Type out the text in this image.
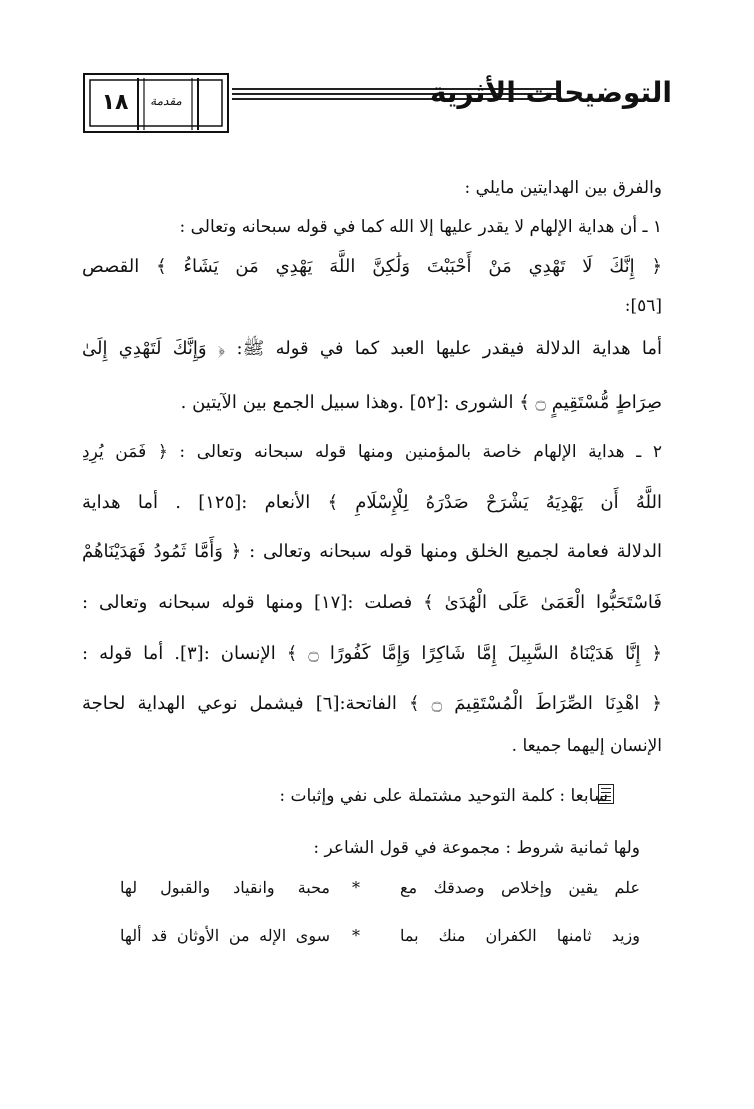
١٨	مقدمة	التوضيحات الأثرية
والفرق بين الهدايتين مايلي :
١ ـ أن هداية الإلهام لا يقدر عليها إلا الله كما في قوله سبحانه وتعالى :
﴿ إِنَّكَ لَا تَهْدِي مَنْ أَحْبَبْتَ وَلَٰكِنَّ اللَّهَ يَهْدِي مَن يَشَاءُ ﴾ القصص
[٥٦]:
أما هداية الدلالة فيقدر عليها العبد كما في قوله ﷺ: ﴿ وَإِنَّكَ لَتَهْدِي إِلَىٰ
صِرَاطٍ مُّسْتَقِيمٍ ۝ ﴾ الشورى :[٥٢] .وهذا سبيل الجمع بين الآيتين .
٢ ـ هداية الإلهام خاصة بالمؤمنين ومنها قوله سبحانه وتعالى : ﴿ فَمَن يُرِدِ
اللَّهُ أَن يَهْدِيَهُ يَشْرَحْ صَدْرَهُ لِلْإِسْلَامِ ﴾ الأنعام :[١٢٥] . أما هداية
الدلالة فعامة لجميع الخلق ومنها قوله سبحانه وتعالى : ﴿ وَأَمَّا ثَمُودُ فَهَدَيْنَاهُمْ
فَاسْتَحَبُّوا الْعَمَىٰ عَلَى الْهُدَىٰ ﴾ فصلت :[١٧] ومنها قوله سبحانه وتعالى :
﴿ إِنَّا هَدَيْنَاهُ السَّبِيلَ إِمَّا شَاكِرًا وَإِمَّا كَفُورًا ۝ ﴾ الإنسان :[٣]. أما قوله :
﴿ اهْدِنَا الصِّرَاطَ الْمُسْتَقِيمَ ۝ ﴾ الفاتحة:[٦] فيشمل نوعي الهداية لحاجة
الإنسان إليهما جميعا .
سابعا : كلمة التوحيد مشتملة على نفي وإثبات :
ولها ثمانية شروط : مجموعة في قول الشاعر :
علم يقين وإخلاص وصدقك مع
*
محبة وانقياد والقبول لها
وزيد ثامنها الكفران منك بما
*
سوى الإله من الأوثان قد ألها
